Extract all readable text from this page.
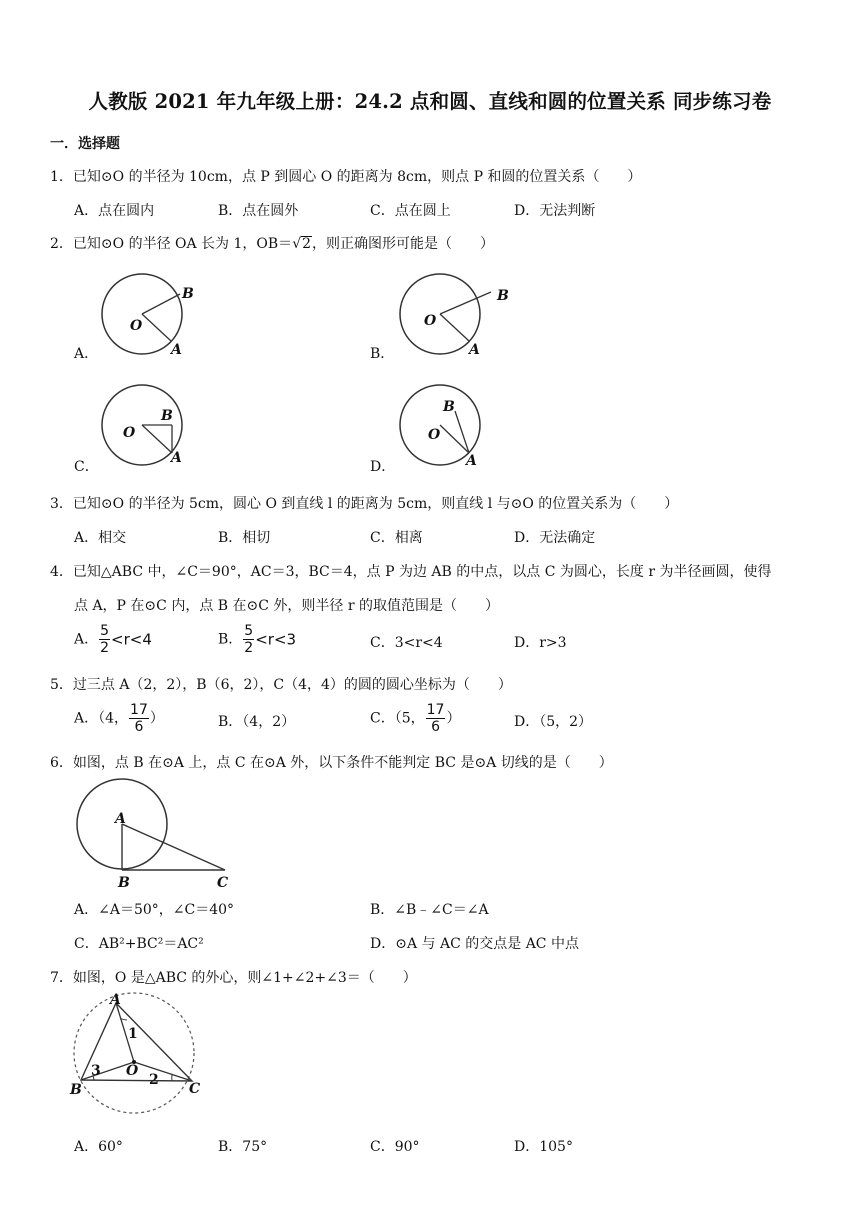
人教版 2021 年九年级上册：24.2 点和圆、直线和圆的位置关系 同步练习卷
一．选择题
1．已知⊙O 的半径为 10cm，点 P 到圆心 O 的距离为 8cm，则点 P 和圆的位置关系（　　）
A．点在圆内	B．点在圆外	C．点在圆上	D．无法判断
2．已知⊙O 的半径 OA 长为 1，OB＝√2，则正确图形可能是（　　）
A．
O
B
A	B．
O
B
A
C．
O
B
A
D．
O
B
A
3．已知⊙O 的半径为 5cm，圆心 O 到直线 l 的距离为 5cm，则直线 l 与⊙O 的位置关系为（　　）
A．相交	B．相切	C．相离	D．无法确定
4．已知△ABC 中，∠C＝90°，AC＝3，BC＝4，点 P 为边 AB 的中点，以点 C 为圆心，长度 r 为半径画圆，使得
点 A，P 在⊙C 内，点 B 在⊙C 外，则半径 r 的取值范围是（　　）
A． $\frac{5}{2} <r<4$	B． $\frac{5}{2} <r<3$	C．3<r<4	D．r>3
5．过三点 A（2，2），B（6，2），C（4，4）的圆的圆心坐标为（　　）
A．（4， $\frac{17}{6}$ ）	B．（4，2）	C．（5， $\frac{17}{6}$ ）	D．（5，2）
6．如图，点 B 在⊙A 上，点 C 在⊙A 外，以下条件不能判定 BC 是⊙A 切线的是（　　）
A
B	C
A．∠A＝50°，∠C＝40°	B．∠B﹣∠C＝∠A
C．AB²+BC²＝AC²	D．⊙A 与 AC 的交点是 AC 中点
7．如图，O 是△ABC 的外心，则∠1+∠2+∠3＝（　　）
A
B	C
O
1
2
3
A．60°	B．75°	C．90°	D．105°
